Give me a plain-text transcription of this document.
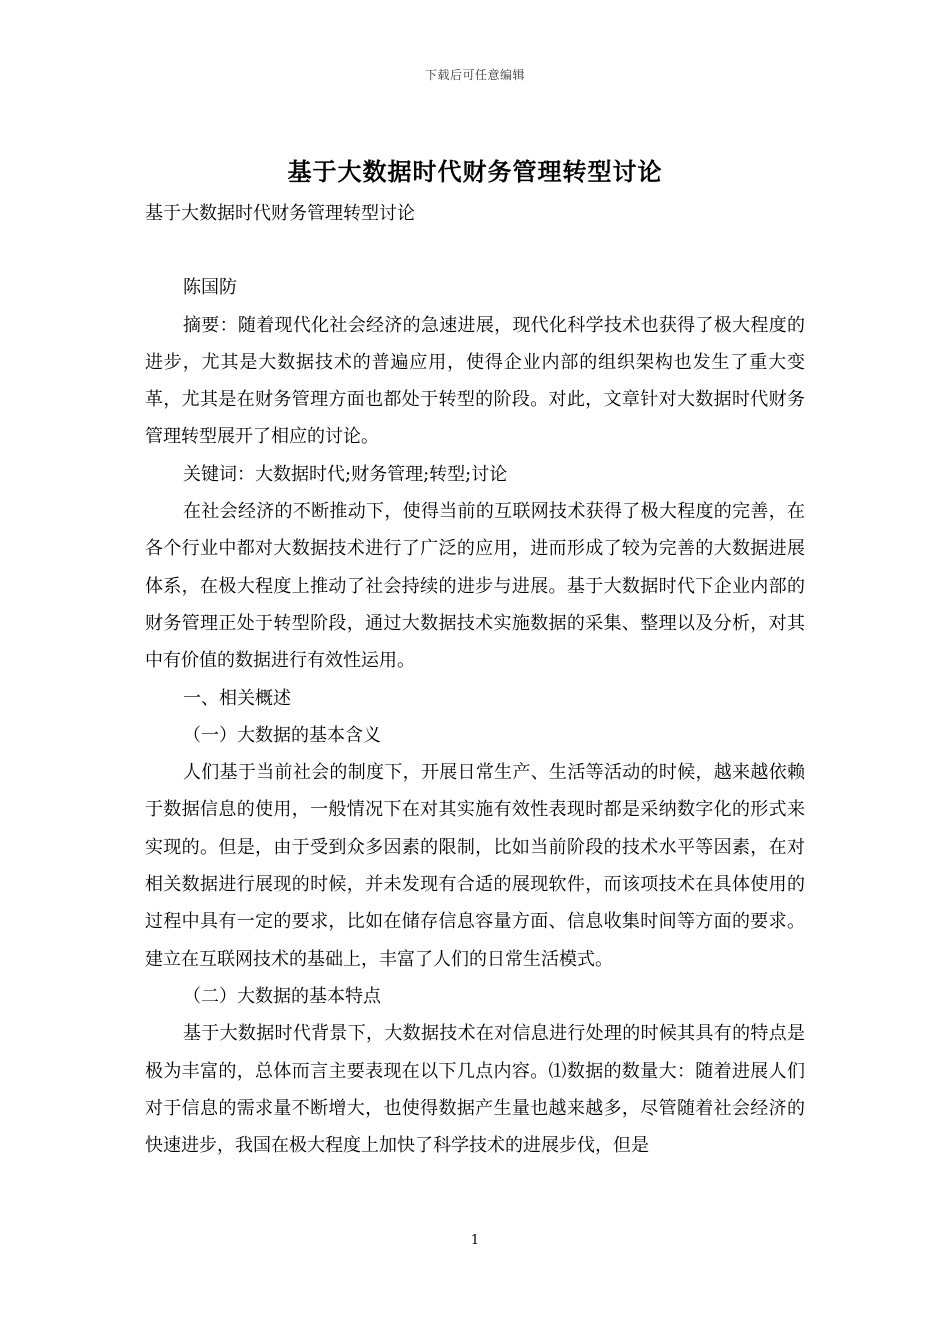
下载后可任意编辑
基于大数据时代财务管理转型讨论

基于大数据时代财务管理转型讨论

陈国防

摘要：随着现代化社会经济的急速进展，现代化科学技术也获得了极大程度的进步，尤其是大数据技术的普遍应用，使得企业内部的组织架构也发生了重大变革，尤其是在财务管理方面也都处于转型的阶段。对此，文章针对大数据时代财务管理转型展开了相应的讨论。

关键词：大数据时代;财务管理;转型;讨论

在社会经济的不断推动下，使得当前的互联网技术获得了极大程度的完善，在各个行业中都对大数据技术进行了广泛的应用，进而形成了较为完善的大数据进展体系，在极大程度上推动了社会持续的进步与进展。基于大数据时代下企业内部的财务管理正处于转型阶段，通过大数据技术实施数据的采集、整理以及分析，对其中有价值的数据进行有效性运用。

一、相关概述

（一）大数据的基本含义

人们基于当前社会的制度下，开展日常生产、生活等活动的时候，越来越依赖于数据信息的使用，一般情况下在对其实施有效性表现时都是采纳数字化的形式来实现的。但是，由于受到众多因素的限制，比如当前阶段的技术水平等因素，在对相关数据进行展现的时候，并未发现有合适的展现软件，而该项技术在具体使用的过程中具有一定的要求，比如在储存信息容量方面、信息收集时间等方面的要求。建立在互联网技术的基础上，丰富了人们的日常生活模式。

（二）大数据的基本特点

基于大数据时代背景下，大数据技术在对信息进行处理的时候其具有的特点是极为丰富的，总体而言主要表现在以下几点内容。⑴数据的数量大：随着进展人们对于信息的需求量不断增大，也使得数据产生量也越来越多，尽管随着社会经济的快速进步，我国在极大程度上加快了科学技术的进展步伐，但是

1
